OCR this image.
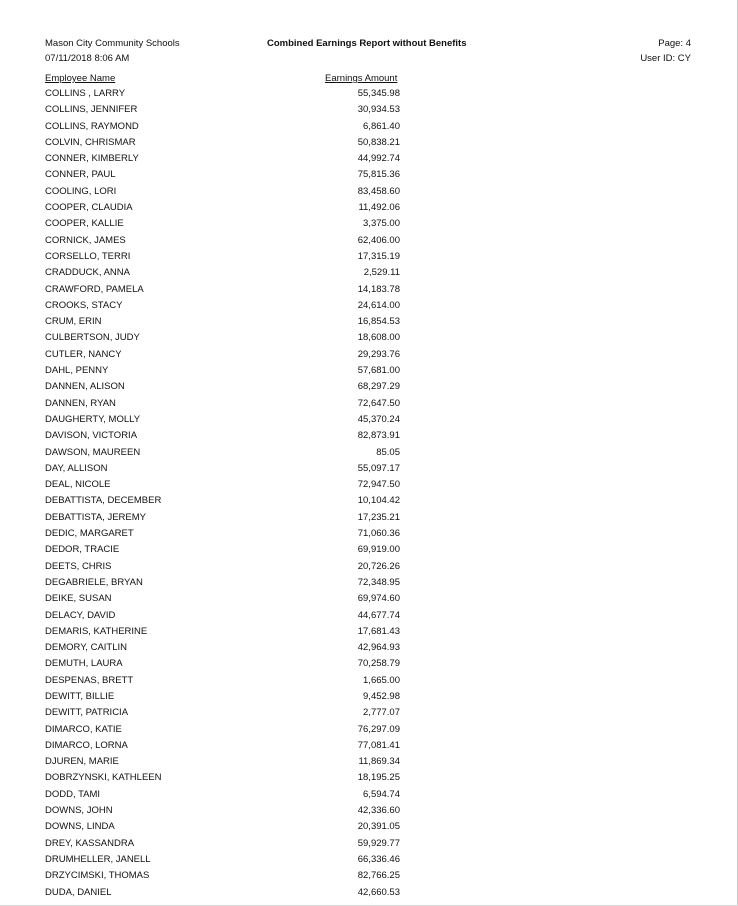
Mason City Community Schools
07/11/2018 8:06 AM
Combined Earnings Report without Benefits	Page: 4
User ID: CY
Employee Name	Earnings Amount
COLLINS , LARRY	55,345.98
COLLINS, JENNIFER	30,934.53
COLLINS, RAYMOND	6,861.40
COLVIN, CHRISMAR	50,838.21
CONNER, KIMBERLY	44,992.74
CONNER, PAUL	75,815.36
COOLING, LORI	83,458.60
COOPER, CLAUDIA	11,492.06
COOPER, KALLIE	3,375.00
CORNICK, JAMES	62,406.00
CORSELLO, TERRI	17,315.19
CRADDUCK, ANNA	2,529.11
CRAWFORD, PAMELA	14,183.78
CROOKS, STACY	24,614.00
CRUM, ERIN	16,854.53
CULBERTSON, JUDY	18,608.00
CUTLER, NANCY	29,293.76
DAHL, PENNY	57,681.00
DANNEN, ALISON	68,297.29
DANNEN, RYAN	72,647.50
DAUGHERTY, MOLLY	45,370.24
DAVISON, VICTORIA	82,873.91
DAWSON, MAUREEN	85.05
DAY, ALLISON	55,097.17
DEAL, NICOLE	72,947.50
DEBATTISTA, DECEMBER	10,104.42
DEBATTISTA, JEREMY	17,235.21
DEDIC, MARGARET	71,060.36
DEDOR, TRACIE	69,919.00
DEETS, CHRIS	20,726.26
DEGABRIELE, BRYAN	72,348.95
DEIKE, SUSAN	69,974.60
DELACY, DAVID	44,677.74
DEMARIS, KATHERINE	17,681.43
DEMORY, CAITLIN	42,964.93
DEMUTH, LAURA	70,258.79
DESPENAS, BRETT	1,665.00
DEWITT, BILLIE	9,452.98
DEWITT, PATRICIA	2,777.07
DIMARCO, KATIE	76,297.09
DIMARCO, LORNA	77,081.41
DJUREN, MARIE	11,869.34
DOBRZYNSKI, KATHLEEN	18,195.25
DODD, TAMI	6,594.74
DOWNS, JOHN	42,336.60
DOWNS, LINDA	20,391.05
DREY, KASSANDRA	59,929.77
DRUMHELLER, JANELL	66,336.46
DRZYCIMSKI, THOMAS	82,766.25
DUDA, DANIEL	42,660.53
